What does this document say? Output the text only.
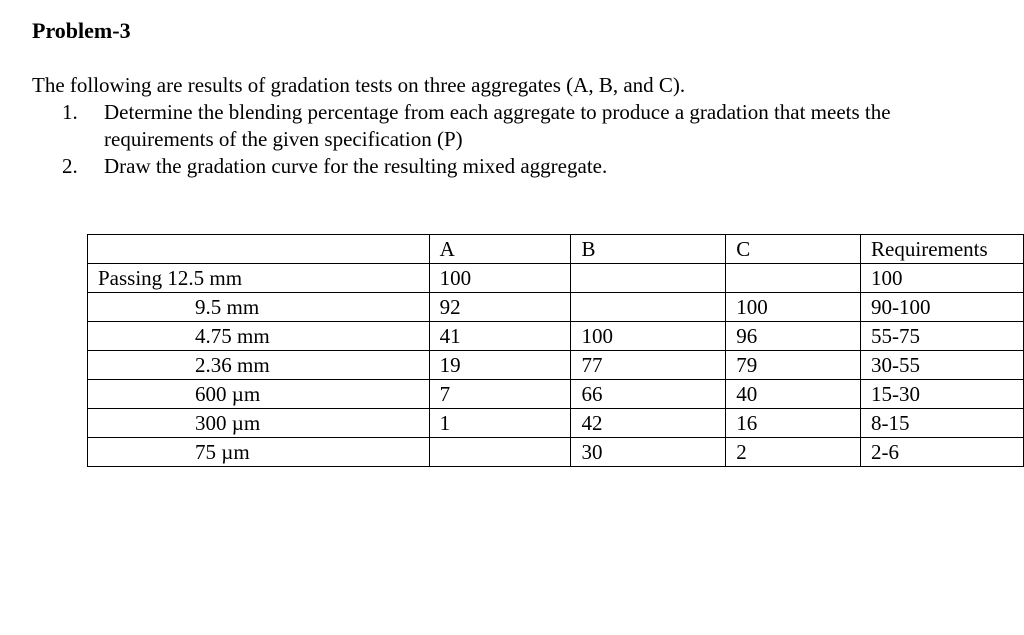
Problem-3
The following are results of gradation tests on three aggregates (A, B, and C).
1.	Determine the blending percentage from each aggregate to produce a gradation that meets the
requirements of the given specification (P)
2.	Draw the gradation curve for the resulting mixed aggregate.
	A	B	C	Requirements
Passing 12.5 mm	100			100
9.5 mm	92		100	90-100
4.75 mm	41	100	96	55-75
2.36 mm	19	77	79	30-55
600 µm	7	66	40	15-30
300 µm	1	42	16	8-15
75 µm		30	2	2-6
